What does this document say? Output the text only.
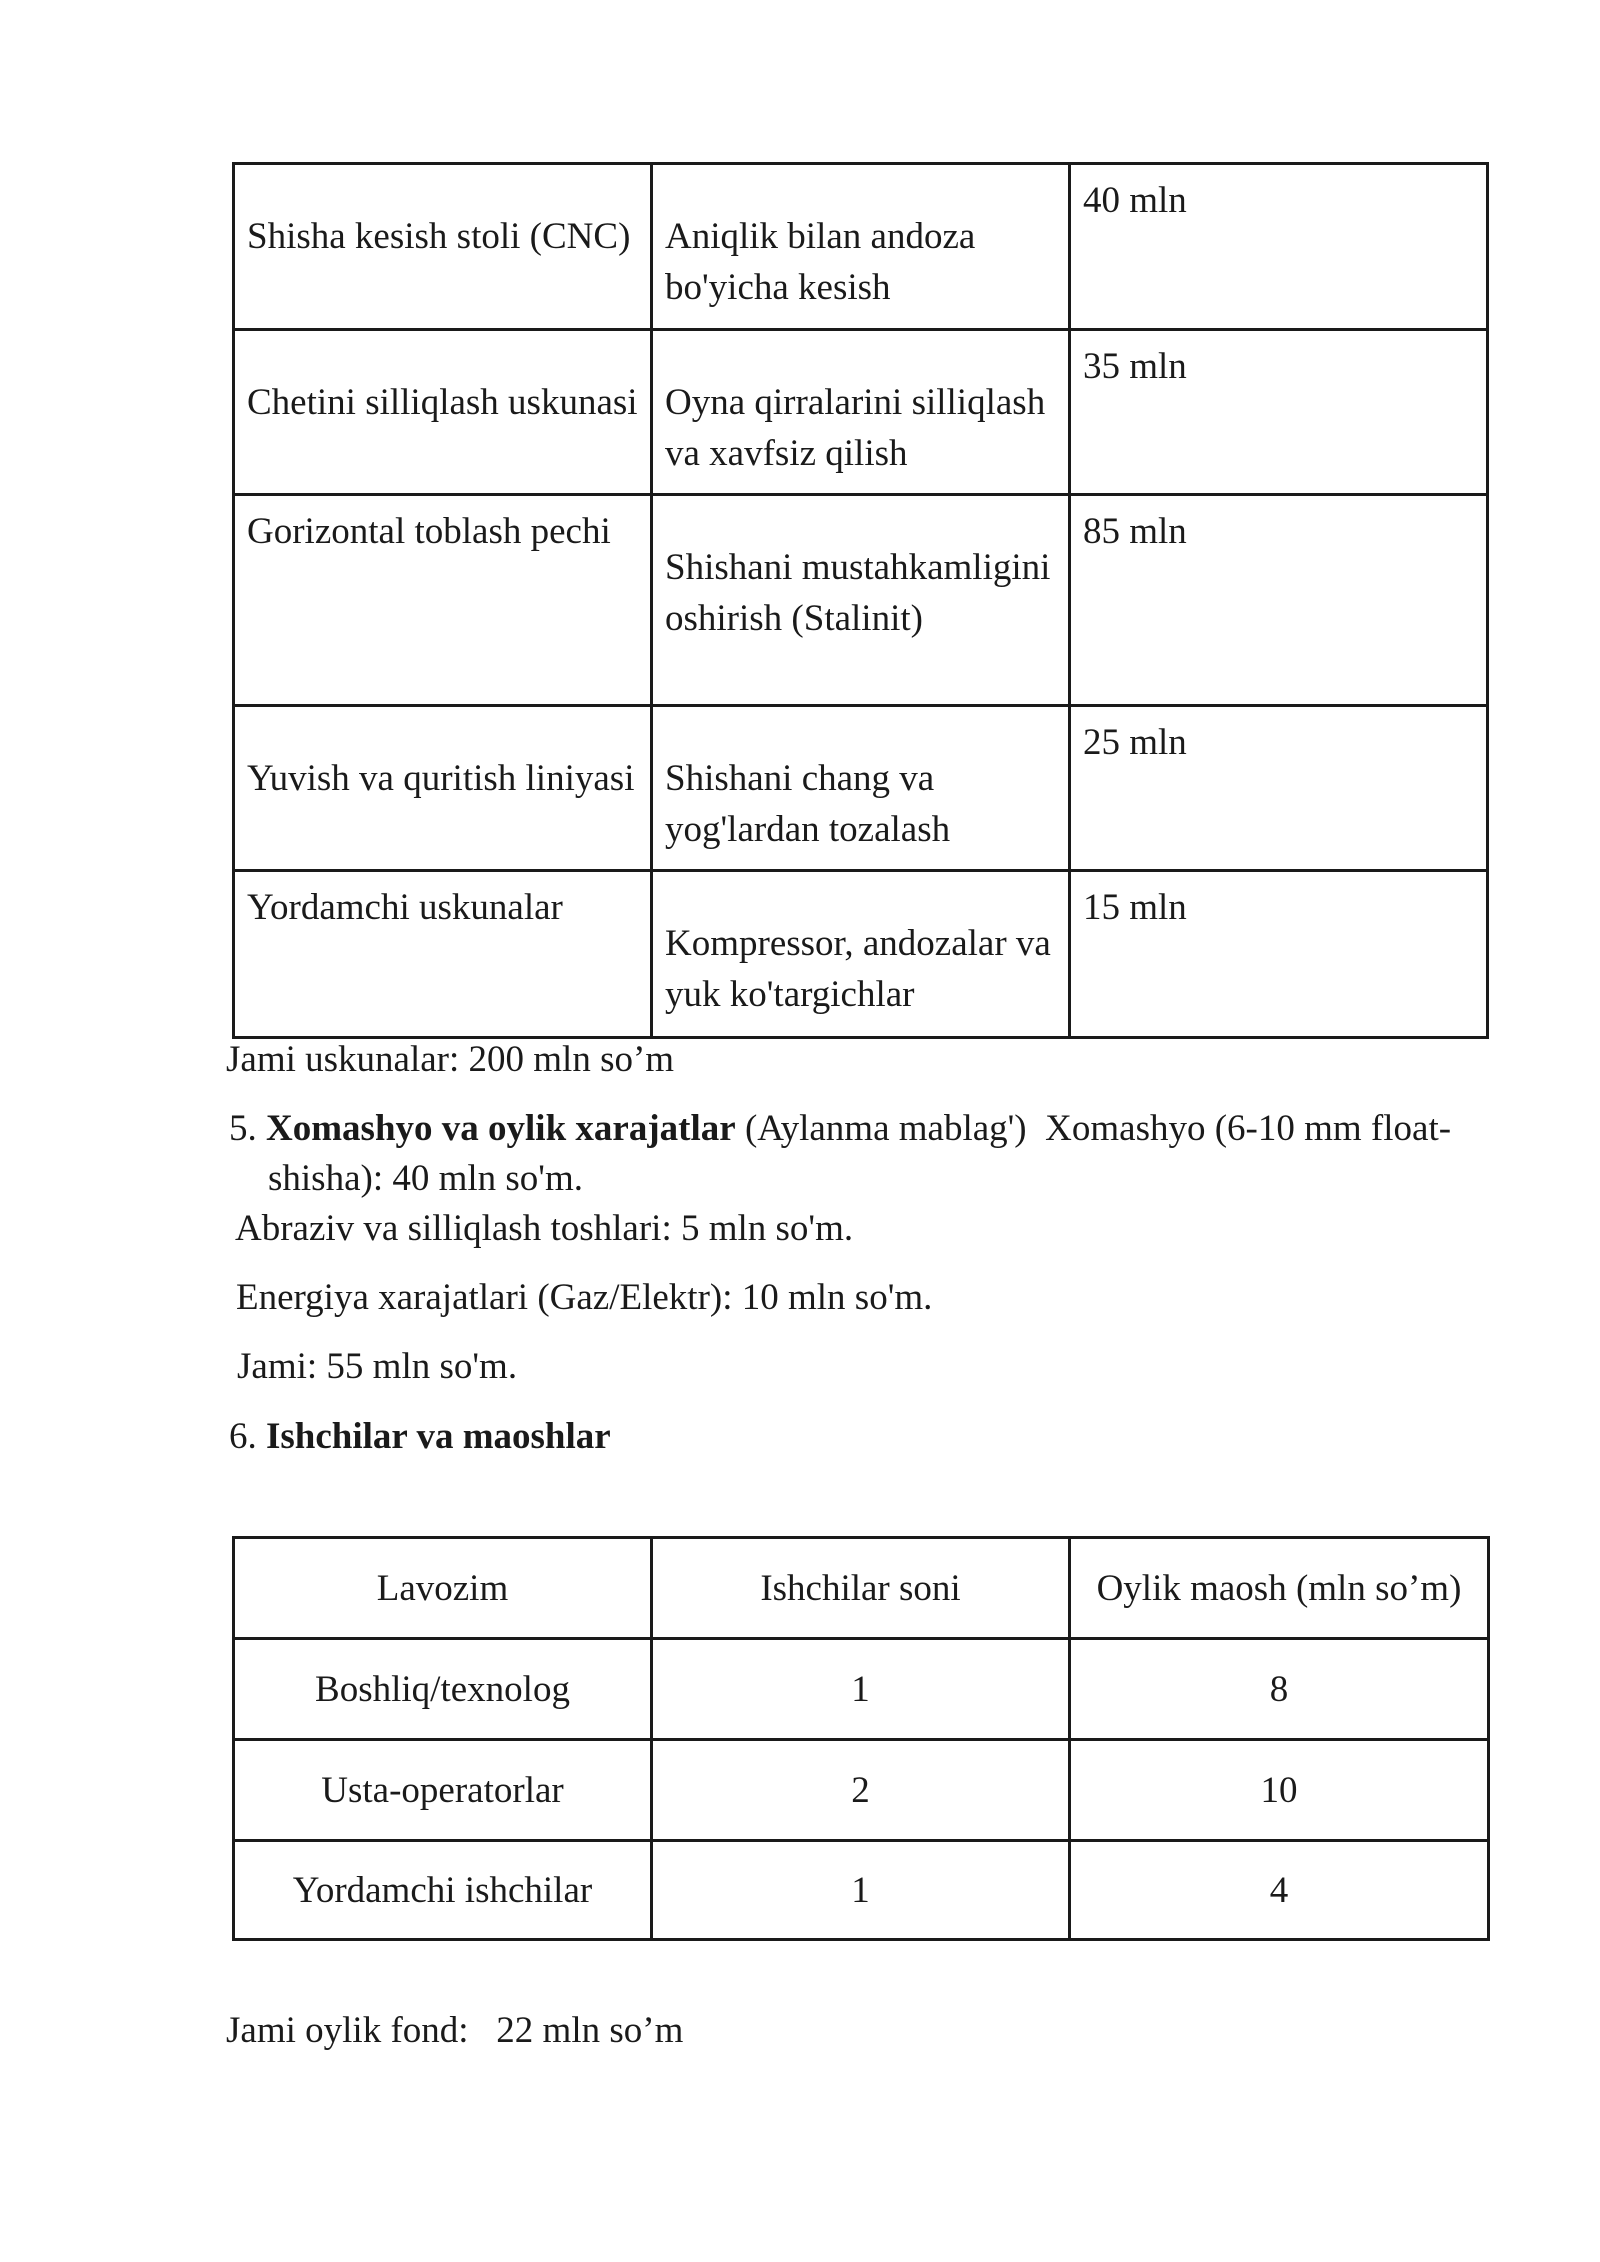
Shisha kesish stoli (CNC)	Aniqlik bilan andoza bo'yicha kesish	40 mln

Chetini silliqlash uskunasi	Oyna qirralarini silliqlash va xavfsiz qilish	35 mln

Gorizontal toblash pechi	Shishani mustahkamligini oshirish (Stalinit)	85 mln

Yuvish va quritish liniyasi	Shishani chang va yog'lardan tozalash	25 mln

Yordamchi uskunalar	Kompressor, andozalar va yuk ko'targichlar	15 mln
Jami uskunalar: 200 mln so’m
5. Xomashyo va oylik xarajatlar (Aylanma mablag') Xomashyo (6-10 mm float-
shisha): 40 mln so'm.
Abraziv va silliqlash toshlari: 5 mln so'm.
Energiya xarajatlari (Gaz/Elektr): 10 mln so'm.
Jami: 55 mln so'm.
6. Ishchilar va maoshlar
Lavozim	Ishchilar soni	Oylik maosh (mln so’m)
Boshliq/texnolog	1	8
Usta-operatorlar	2	10
Yordamchi ishchilar	1	4
Jami oylik fond: 22 mln so’m
